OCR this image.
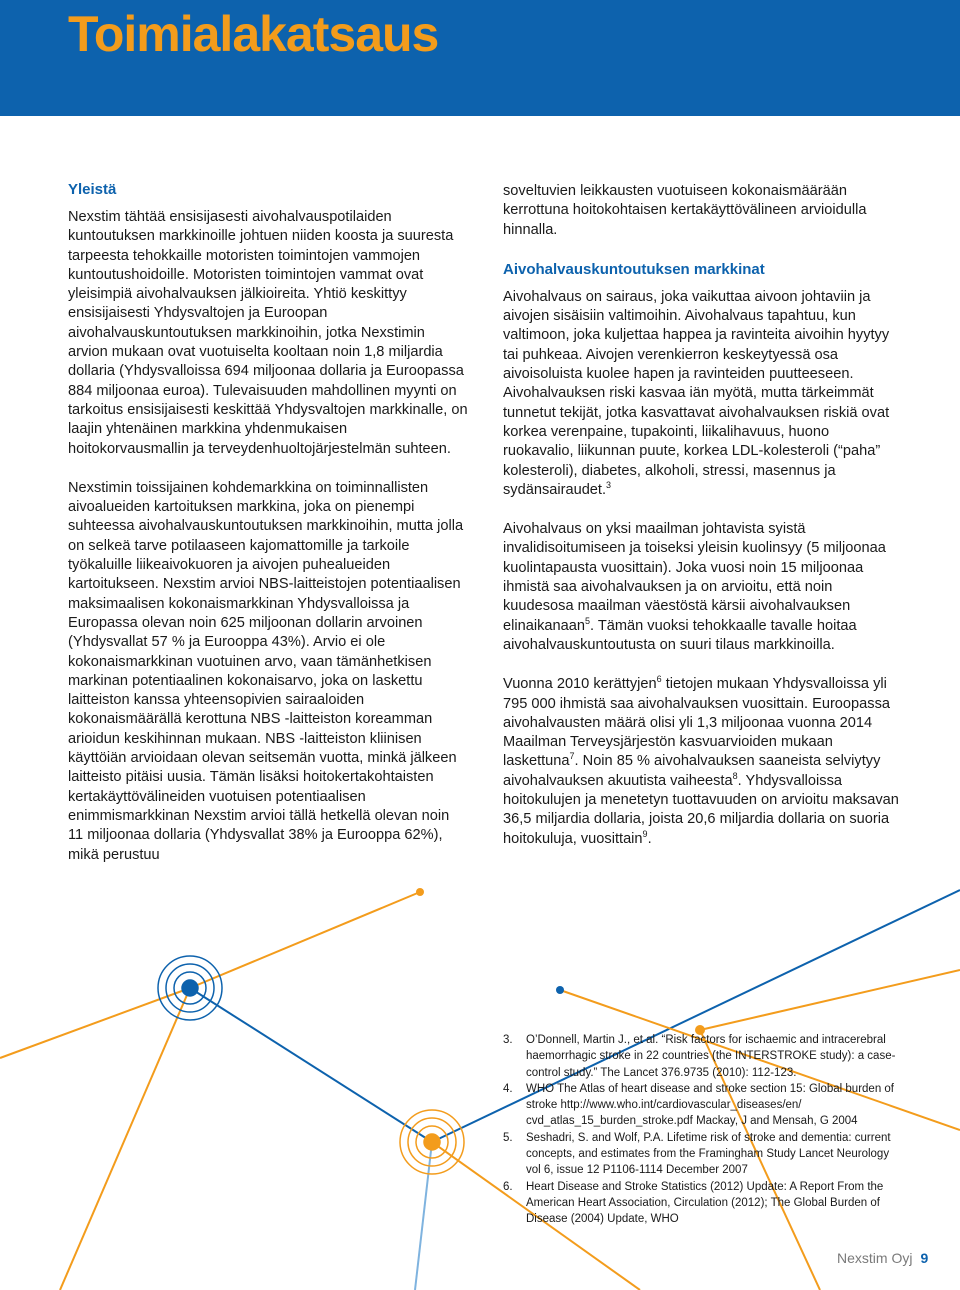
Toimialakatsaus
Yleistä

Nexstim tähtää ensisijasesti aivohalvauspotilaiden kuntoutuksen markkinoille johtuen niiden koosta ja suuresta tarpeesta tehokkaille motoristen toimintojen vammojen kuntoutushoidoille. Motoristen toimintojen vammat ovat yleisimpiä aivohalvauksen jälkioireita. Yhtiö keskittyy ensisijaisesti Yhdysvaltojen ja Euroopan aivohalvauskuntoutuksen markkinoihin, jotka Nexstimin arvion mukaan ovat vuotuiselta kooltaan noin 1,8 miljardia dollaria (Yhdysvalloissa 694 miljoonaa dollaria ja Euroopassa 884 miljoonaa euroa). Tulevaisuuden mahdollinen myynti on tarkoitus ensisijaisesti keskittää Yhdysvaltojen markkinalle, on laajin yhtenäinen markkina yhdenmukaisen hoitokorvausmallin ja terveydenhuoltojärjestelmän suhteen.

Nexstimin toissijainen kohdemarkkina on toiminnallisten aivoalueiden kartoituksen markkina, joka on pienempi suhteessa aivohalvauskuntoutuksen markkinoihin, mutta jolla on selkeä tarve potilaaseen kajomattomille ja tarkoile työkaluille liikeaivokuoren ja aivojen puhealueiden kartoitukseen. Nexstim arvioi NBS-laitteistojen potentiaalisen maksimaalisen kokonaismarkkinan Yhdysvalloissa ja Europassa olevan noin 625 miljoonan dollarin arvoinen (Yhdysvallat 57 % ja Eurooppa 43%). Arvio ei ole kokonaismarkkinan vuotuinen arvo, vaan tämänhetkisen markinan potentiaalinen kokonaisarvo, joka on laskettu laitteiston kanssa yhteensopivien sairaaloiden kokonaismäärällä kerottuna NBS -laitteiston koreamman arioidun keskihinnan mukaan. NBS -laitteiston kliinisen käyttöiän arvioidaan olevan seitsemän vuotta, minkä jälkeen laitteisto pitäisi uusia. Tämän lisäksi hoitokertakohtaisten kertakäyttövälineiden vuotuisen potentiaalisen enimmismarkkinan Nexstim arvioi tällä hetkellä olevan noin 11 miljoonaa dollaria (Yhdysvallat 38% ja Eurooppa 62%), mikä perustuu

soveltuvien leikkausten vuotuiseen kokonaismäärään kerrottuna hoitokohtaisen kertakäyttövälineen arvioidulla hinnalla.

Aivohalvauskuntoutuksen markkinat

Aivohalvaus on sairaus, joka vaikuttaa aivoon johtaviin ja aivojen sisäisiin valtimoihin. Aivohalvaus tapahtuu, kun valtimoon, joka kuljettaa happea ja ravinteita aivoihin hyytyy tai puhkeaa. Aivojen verenkierron keskeytyessä osa aivoisoluista kuolee hapen ja ravinteiden puutteeseen. Aivohalvauksen riski kasvaa iän myötä, mutta tärkeimmät tunnetut tekijät, jotka kasvattavat aivohalvauksen riskiä ovat korkea verenpaine, tupakointi, liikalihavuus, huono ruokavalio, liikunnan puute, korkea LDL-kolesteroli (“paha” kolesteroli), diabetes, alkoholi, stressi, masennus ja sydänsairaudet.$^3$

Aivohalvaus on yksi maailman johtavista syistä invalidisoitumiseen ja toiseksi yleisin kuolinsyy (5 miljoonaa kuolintapausta vuosittain). Joka vuosi noin 15 miljoonaa ihmistä saa aivohalvauksen ja on arvioitu, että noin kuudesosa maailman väestöstä kärsii aivohalvauksen elinaikanaan$^5$. Tämän vuoksi tehokkaalle tavalle hoitaa aivohalvauskuntoutusta on suuri tilaus markkinoilla.

Vuonna 2010 kerättyjen$^6$ tietojen mukaan Yhdysvalloissa yli 795 000 ihmistä saa aivohalvauksen vuosittain. Euroopassa aivohalvausten määrä olisi yli 1,3 miljoonaa vuonna 2014 Maailman Terveysjärjestön kasvuarvioiden mukaan laskettuna$^7$. Noin 85 % aivohalvauksen saaneista selviytyy aivohalvauksen akuutista vaiheesta$^8$. Yhdysvalloissa hoitokulujen ja menetetyn tuottavuuden on arvioitu maksavan 36,5 miljardia dollaria, joista 20,6 miljardia dollaria on suoria hoitokuluja, vuosittain$^9$.

3.	O’Donnell, Martin J., et al. “Risk factors for ischaemic and intracerebral haemorrhagic stroke in 22 countries (the INTERSTROKE study): a case-control study.” The Lancet 376.9735 (2010): 112-123.
4.	WHO The Atlas of heart disease and stroke section 15: Global burden of stroke http://www.who.int/cardiovascular_diseases/en/ cvd_atlas_15_burden_stroke.pdf Mackay, J and Mensah, G 2004
5.	Seshadri, S. and Wolf, P.A. Lifetime risk of stroke and dementia: current concepts, and estimates from the Framingham Study Lancet Neurology vol 6, issue 12 P1106-1114 December 2007
6.	Heart Disease and Stroke Statistics (2012) Update: A Report From the American Heart Association, Circulation (2012); The Global Burden of Disease (2004) Update, WHO
Nexstim Oyj 9
